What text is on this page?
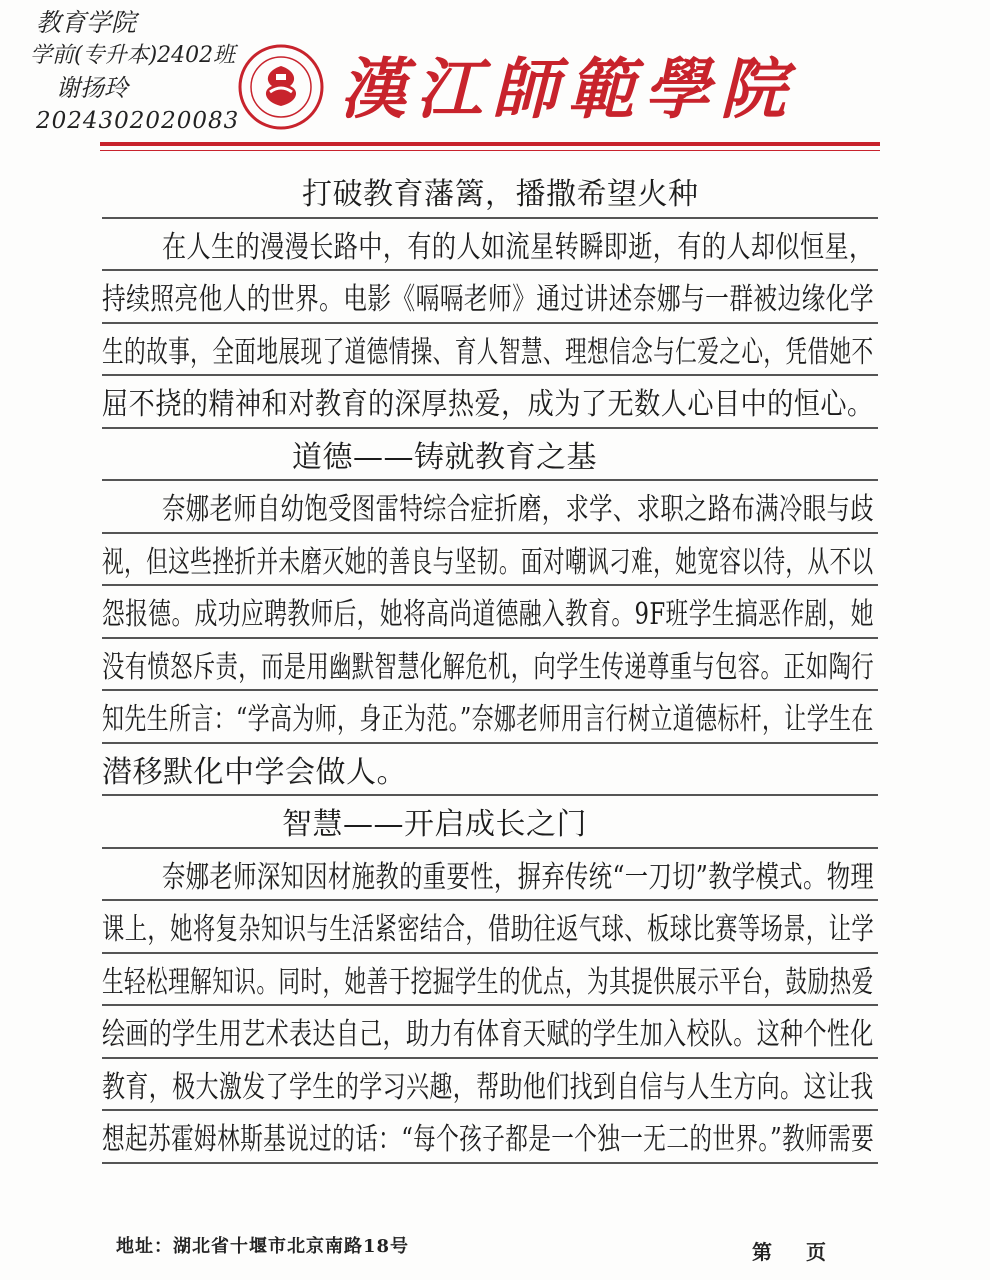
教育学院
学前(专升本)2402班
谢扬玲
2024302020083 漢江師範學院
打破教育藩篱，播撒希望火种
在人生的漫漫长路中，有的人如流星转瞬即逝，有的人却似恒星，
持续照亮他人的世界。电影《嗝嗝老师》通过讲述奈娜与一群被边缘化学
生的故事，全面地展现了道德情操、育人智慧、理想信念与仁爱之心，凭借她不
屈不挠的精神和对教育的深厚热爱，成为了无数人心目中的恒心。
道德——铸就教育之基
奈娜老师自幼饱受图雷特综合症折磨，求学、求职之路布满冷眼与歧
视，但这些挫折并未磨灭她的善良与坚韧。面对嘲讽刁难，她宽容以待，从不以
怨报德。成功应聘教师后，她将高尚道德融入教育。9F班学生搞恶作剧，她
没有愤怒斥责，而是用幽默智慧化解危机，向学生传递尊重与包容。正如陶行
知先生所言：“学高为师，身正为范。”奈娜老师用言行树立道德标杆，让学生在
潜移默化中学会做人。
智慧——开启成长之门
奈娜老师深知因材施教的重要性，摒弃传统“一刀切”教学模式。物理
课上，她将复杂知识与生活紧密结合，借助往返气球、板球比赛等场景，让学
生轻松理解知识。同时，她善于挖掘学生的优点，为其提供展示平台，鼓励热爱
绘画的学生用艺术表达自己，助力有体育天赋的学生加入校队。这种个性化
教育，极大激发了学生的学习兴趣，帮助他们找到自信与人生方向。这让我
想起苏霍姆林斯基说过的话：“每个孩子都是一个独一无二的世界。”教师需要
地址：湖北省十堰市北京南路18号	第 页
